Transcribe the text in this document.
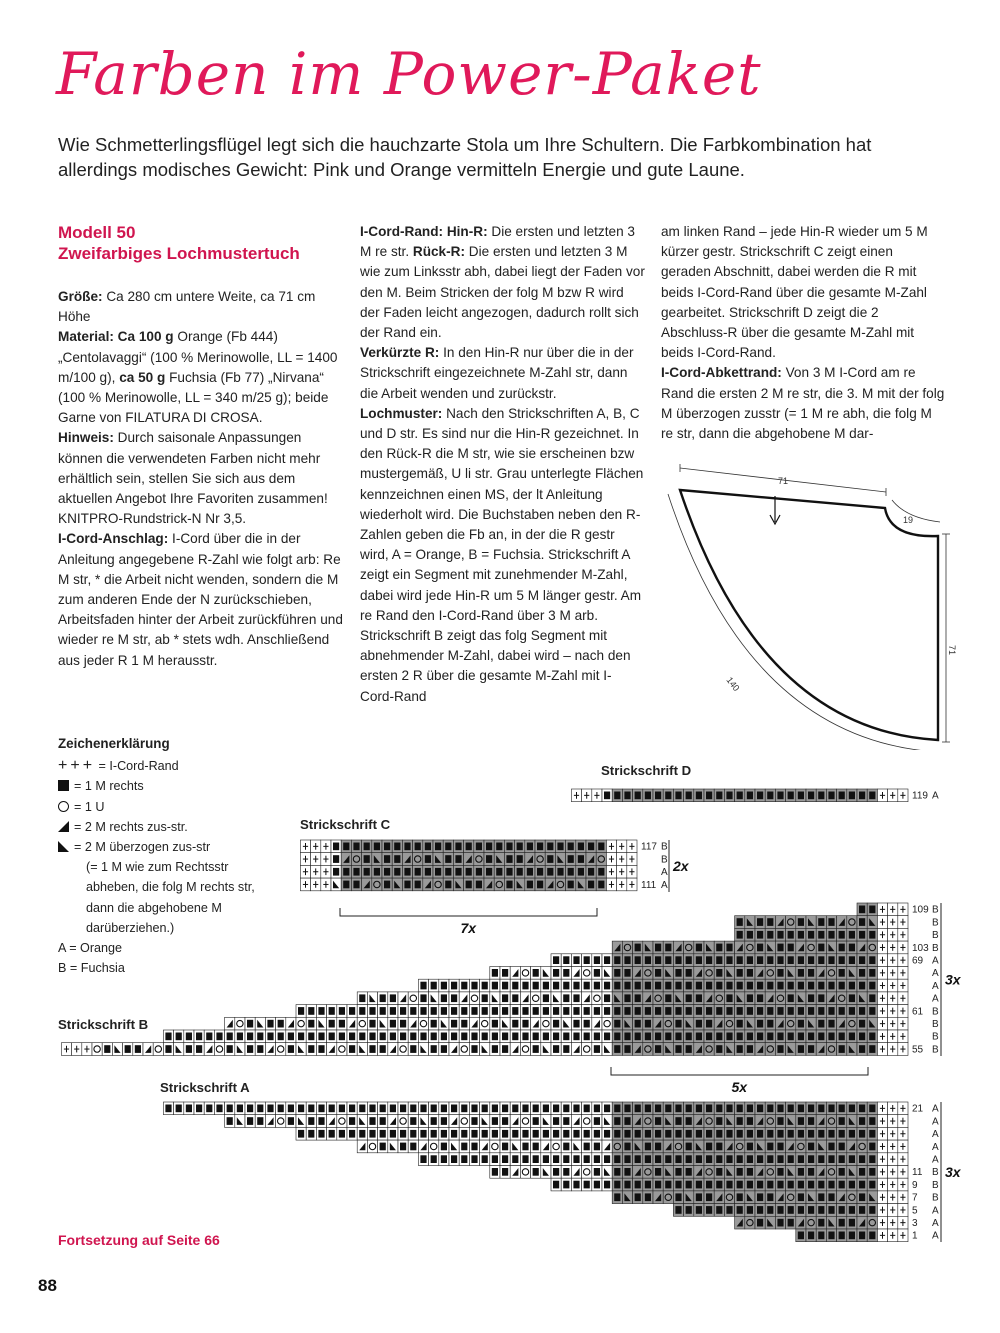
Farben im Power-Paket
Wie Schmetterlingsflügel legt sich die hauchzarte Stola um Ihre Schultern. Die Farbkombination hat allerdings modisches Gewicht: Pink und Orange vermitteln Energie und gute Laune.
Modell 50
Zweifarbiges Lochmustertuch

Größe: Ca 280 cm untere Weite, ca 71 cm Höhe

Material: Ca 100 g Orange (Fb 444) „Centolavaggi“ (100 % Merinowolle, LL = 1400 m/100 g), ca 50 g Fuchsia (Fb 77) „Nirvana“ (100 % Merinowolle, LL = 340 m/25 g); beide Garne von FILATURA DI CROSA.

Hinweis: Durch saisonale Anpassungen können die verwendeten Farben nicht mehr erhältlich sein, stellen Sie sich aus dem aktuellen Angebot Ihre Favoriten zusammen!

KNITPRO-Rundstrick-N Nr 3,5.

I-Cord-Anschlag: I-Cord über die in der Anleitung angegebene R-Zahl wie folgt arb: Re M str, * die Arbeit nicht wenden, sondern die M zum anderen Ende der N zurückschieben, Arbeitsfaden hinter der Arbeit zurückführen und wieder re M str, ab * stets wdh. Anschließend aus jeder R 1 M herausstr.

I-Cord-Rand: Hin-R: Die ersten und letzten 3 M re str. Rück-R: Die ersten und letzten 3 M wie zum Linksstr abh, dabei liegt der Faden vor den M. Beim Stricken der folg M bzw R wird der Faden leicht angezogen, dadurch rollt sich der Rand ein.

Verkürzte R: In den Hin-R nur über die in der Strickschrift eingezeichnete M-Zahl str, dann die Arbeit wenden und zurückstr.

Lochmuster: Nach den Strickschriften A, B, C und D str. Es sind nur die Hin-R gezeichnet. In den Rück-R die M str, wie sie erscheinen bzw mustergemäß, U li str. Grau unterlegte Flächen kennzeichnen einen MS, der lt Anleitung wiederholt wird. Die Buchstaben neben den R-Zahlen geben die Fb an, in der die R gestr wird, A = Orange, B = Fuchsia. Strickschrift A zeigt ein Segment mit zunehmender M-Zahl, dabei wird jede Hin-R um 5 M länger gestr. Am re Rand den I-Cord-Rand über 3 M arb. Strickschrift B zeigt das folg Segment mit abnehmender M-Zahl, dabei wird – nach den ersten 2 R über die gesamte M-Zahl mit I-Cord-Rand

am linken Rand – jede Hin-R wieder um 5 M kürzer gestr. Strickschrift C zeigt einen geraden Abschnitt, dabei werden die R mit beids I-Cord-Rand über die gesamte M-Zahl gearbeitet. Strickschrift D zeigt die 2 Abschluss-R über die gesamte M-Zahl mit beids I-Cord-Rand.

I-Cord-Abkettrand: Von 3 M I-Cord am re Rand die ersten 2 M re str, die 3. M mit der folg M überzogen zusstr (= 1 M re abh, die folg M re str, dann die abgehobene M dar-

71
19
71
140
Zeichenerklärung
+++ = I-Cord-Rand
= 1 M rechts
= 1 U
= 2 M rechts zus-str.
= 2 M überzogen zus-str
(= 1 M wie zum Rechtsstr abheben, die folg M rechts str, dann die abgehobene M darüberziehen.)
A = Orange
B = Fuchsia
Strickschrift D
Strickschrift C
Strickschrift B
Strickschrift A
119 A
117 B
B
A
111 A
2x
7x
109 B
B
B
103 B
69 A
A
A
A
61 B
B
B
55 B
3x
5x
21 A
A
A
A
A
11 B
9 B
7 B
5 A
3 A
1 A
3x
Fortsetzung auf Seite 66
88
